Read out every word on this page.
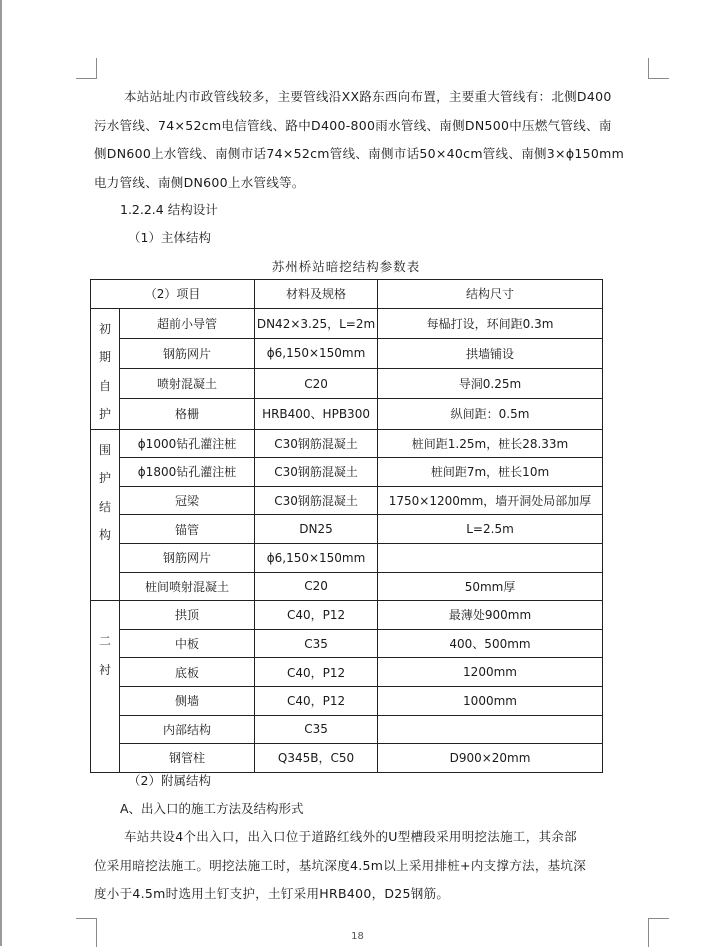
本站站址内市政管线较多，主要管线沿XX路东西向布置，主要重大管线有：北侧D400

污水管线、74×52cm电信管线、路中D400-800雨水管线、南侧DN500中压燃气管线、南

侧DN600上水管线、南侧市话74×52cm管线、南侧市话50×40cm管线、南侧3×ϕ150mm

电力管线、南侧DN600上水管线等。

1.2.2.4 结构设计
（1）主体结构
苏州桥站暗挖结构参数表
（2）项目		材料及规格	结构尺寸

初
期
自
护	超前小导管	DN42×3.25，L=2m	每榀打设，环间距0.3m
	钢筋网片	ϕ6,150×150mm	拱墙铺设
	喷射混凝土	C20	导洞0.25m
	格栅	HRB400、HPB300	纵间距：0.5m

围
护
结
构	ϕ1000钻孔灌注桩	C30钢筋混凝土	桩间距1.25m，桩长28.33m
	ϕ1800钻孔灌注桩	C30钢筋混凝土	桩间距7m，桩长10m
	冠梁	C30钢筋混凝土	1750×1200mm，墙开洞处局部加厚
	锚管	DN25	L=2.5m
	钢筋网片	ϕ6,150×150mm	
	桩间喷射混凝土	C20	50mm厚

二
衬	拱顶	C40，P12	最薄处900mm
	中板	C35	400、500mm
	底板	C40，P12	1200mm
	侧墙	C40，P12	1000mm
	内部结构	C35	
	钢管柱	Q345B，C50	D900×20mm
（2）附属结构
A、出入口的施工方法及结构形式

车站共设4个出入口，出入口位于道路红线外的U型槽段采用明挖法施工，其余部

位采用暗挖法施工。明挖法施工时，基坑深度4.5m以上采用排桩+内支撑方法，基坑深

度小于4.5m时选用土钉支护，土钉采用HRB400，D25钢筋。

18
